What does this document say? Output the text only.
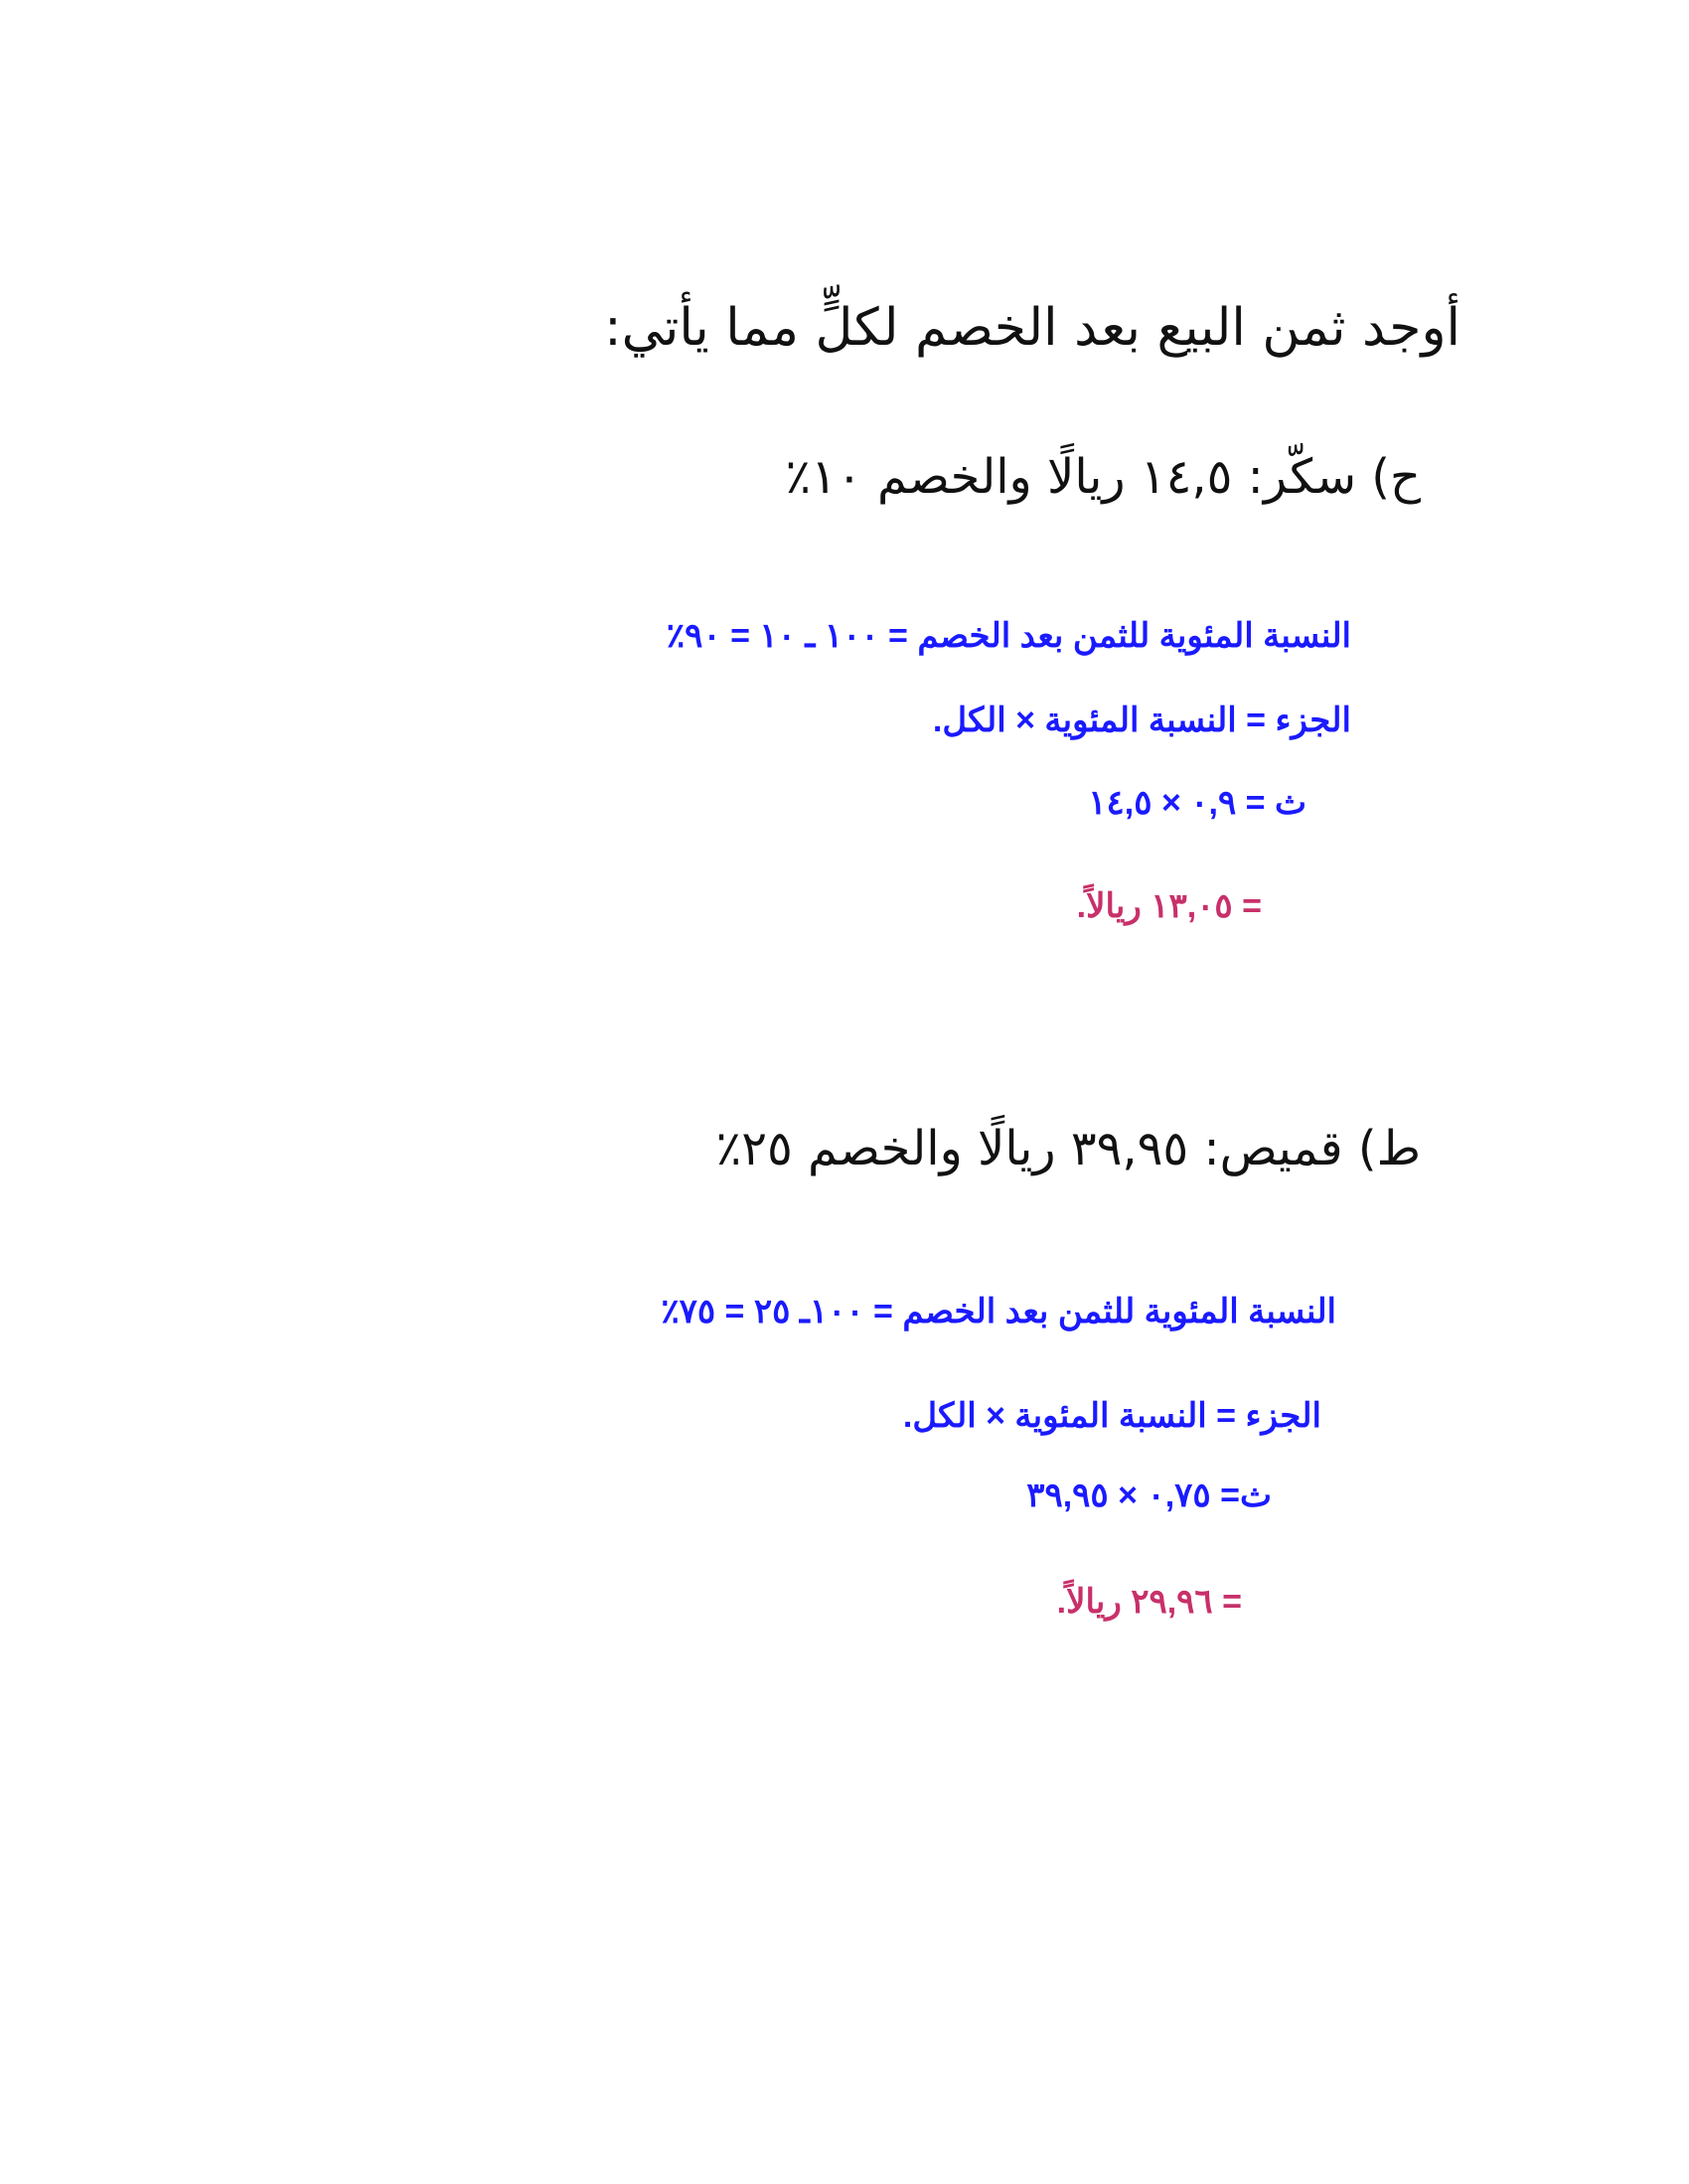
أوجد ثمن البيع بعد الخصم لكلٍّ مما يأتي:

ح) سكّر: ١٤,٥ ريالًا والخصم ١٠٪

النسبة المئوية للثمن بعد الخصم = ١٠٠ ـ ١٠ = ٩٠٪

الجزء = النسبة المئوية × الكل.

ث = ٠,٩ × ١٤,٥

= ١٣,٠٥ ريالاً.

ط) قميص: ٣٩,٩٥ ريالًا والخصم ٢٥٪

النسبة المئوية للثمن بعد الخصم = ١٠٠ـ ٢٥ = ٧٥٪

الجزء = النسبة المئوية × الكل.

ث= ٠,٧٥ × ٣٩,٩٥

= ٢٩,٩٦ ريالاً.
